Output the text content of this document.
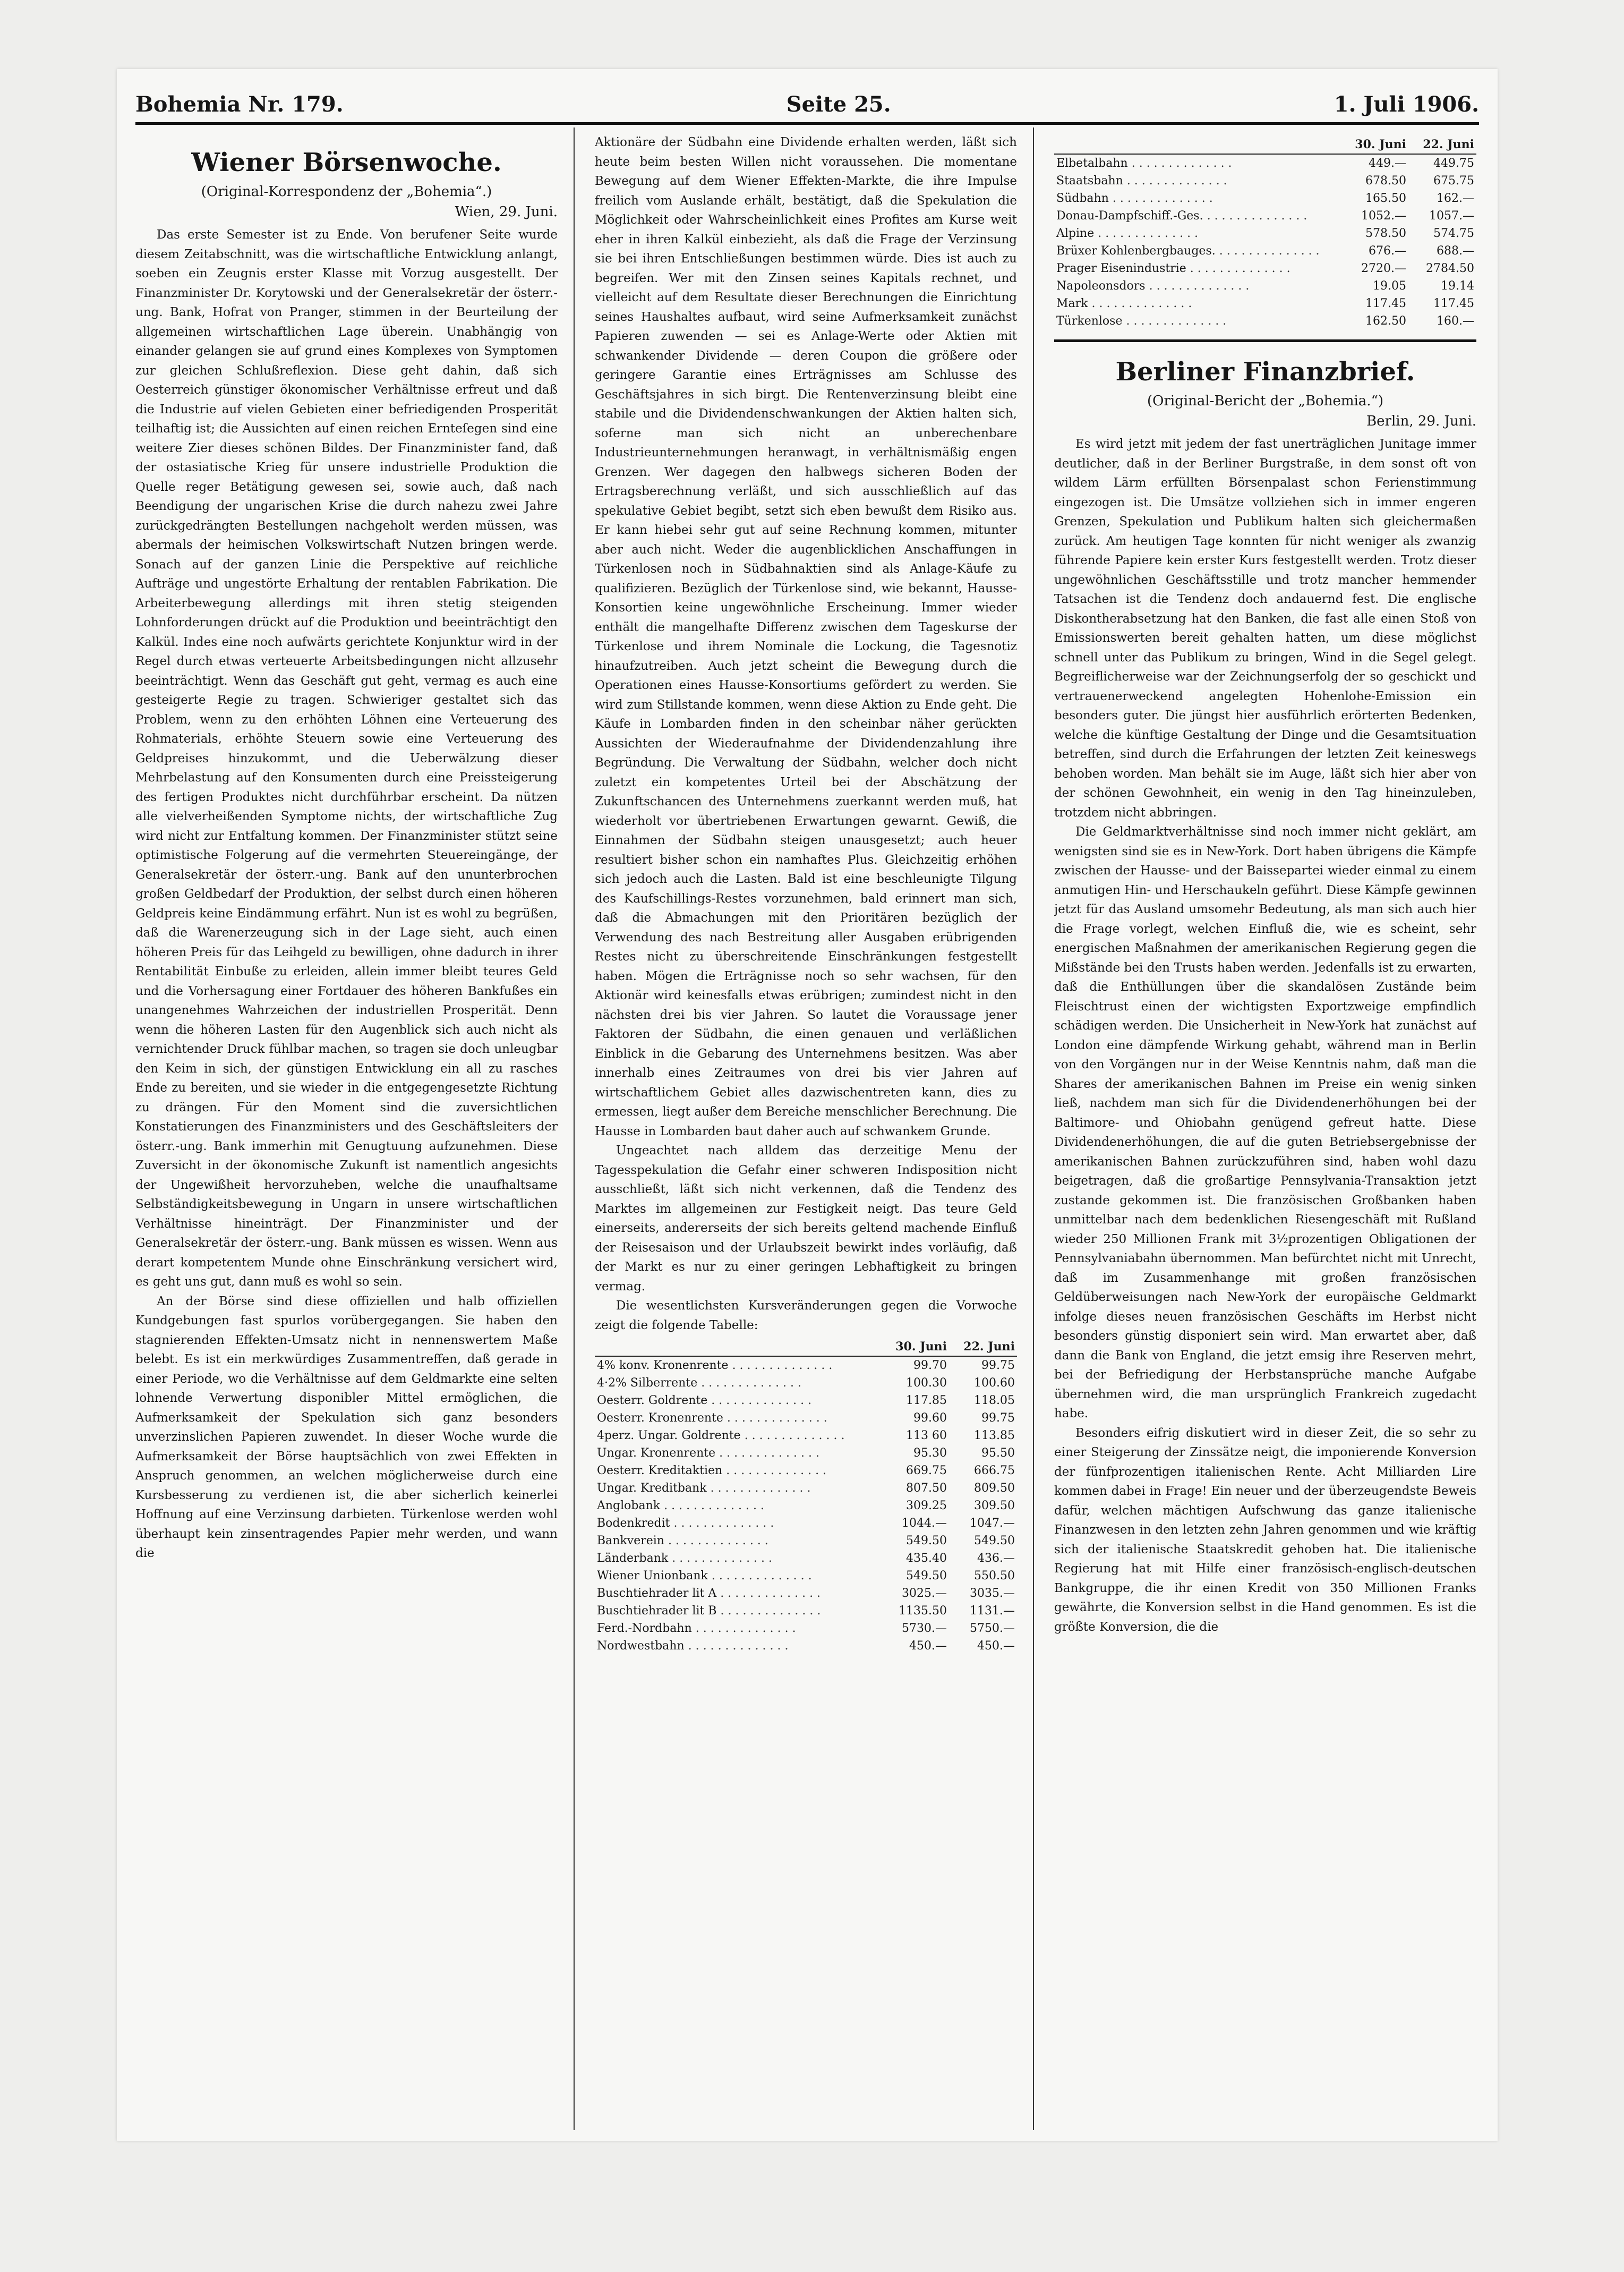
Bohemia Nr. 179.	Seite 25.	1. Juli 1906.
Wiener Börsenwoche.
(Original-Korrespondenz der „Bohemia“.)
Wien, 29. Juni.

Das erste Semester ist zu Ende. Von berufener Seite wurde diesem Zeitabschnitt, was die wirtschaftliche Entwicklung anlangt, soeben ein Zeugnis erster Klasse mit Vorzug ausgestellt. Der Finanzminister Dr. Korytowski und der Generalsekretär der österr.-ung. Bank, Hofrat von Pranger, stimmen in der Beurteilung der allgemeinen wirtschaftlichen Lage überein. Unabhängig von einander gelangen sie auf grund eines Komplexes von Symptomen zur gleichen Schlußreflexion. Diese geht dahin, daß sich Oesterreich günstiger ökonomischer Verhältnisse erfreut und daß die Industrie auf vielen Gebieten einer befriedigenden Prosperität teilhaftig ist; die Aussichten auf einen reichen Ernteſegen sind eine weitere Zier dieses schönen Bildes. Der Finanzminister fand, daß der ostasiatische Krieg für unsere industrielle Produktion die Quelle reger Betätigung gewesen sei, sowie auch, daß nach Beendigung der ungarischen Krise die durch nahezu zwei Jahre zurückgedrängten Bestellungen nachgeholt werden müssen, was abermals der heimischen Volkswirtschaft Nutzen bringen werde. Sonach auf der ganzen Linie die Perspektive auf reichliche Aufträge und ungestörte Erhaltung der rentablen Fabrikation. Die Arbeiterbewegung allerdings mit ihren stetig steigenden Lohnforderungen drückt auf die Produktion und beeinträchtigt den Kalkül. Indes eine noch aufwärts gerichtete Konjunktur wird in der Regel durch etwas verteuerte Arbeitsbedingungen nicht allzusehr beeinträchtigt. Wenn das Geschäft gut geht, vermag es auch eine gesteigerte Regie zu tragen. Schwieriger gestaltet sich das Problem, wenn zu den erhöhten Löhnen eine Verteuerung des Rohmaterials, erhöhte Steuern sowie eine Verteuerung des Geldpreises hinzukommt, und die Ueberwälzung dieser Mehrbelastung auf den Konsumenten durch eine Preissteigerung des fertigen Produktes nicht durchführbar erscheint. Da nützen alle vielverheißenden Symptome nichts, der wirtschaftliche Zug wird nicht zur Entfaltung kommen. Der Finanzminister stützt seine optimistische Folgerung auf die vermehrten Steuereingänge, der Generalsekretär der österr.-ung. Bank auf den ununterbrochen großen Geldbedarf der Produktion, der selbst durch einen höheren Geldpreis keine Eindämmung erfährt. Nun ist es wohl zu begrüßen, daß die Warenerzeugung sich in der Lage sieht, auch einen höheren Preis für das Leihgeld zu bewilligen, ohne dadurch in ihrer Rentabilität Einbuße zu erleiden, allein immer bleibt teures Geld und die Vorhersagung einer Fortdauer des höheren Bankfußes ein unangenehmes Wahrzeichen der industriellen Prosperität. Denn wenn die höheren Lasten für den Augenblick sich auch nicht als vernichtender Druck fühlbar machen, so tragen sie doch unleugbar den Keim in sich, der günstigen Entwicklung ein all zu rasches Ende zu bereiten, und sie wieder in die entgegengesetzte Richtung zu drängen. Für den Moment sind die zuversichtlichen Konstatierungen des Finanzministers und des Geschäftsleiters der österr.-ung. Bank immerhin mit Genugtuung aufzunehmen. Diese Zuversicht in der ökonomische Zukunft ist namentlich angesichts der Ungewißheit hervorzuheben, welche die unaufhaltsame Selbständigkeitsbewegung in Ungarn in unsere wirtschaftlichen Verhältnisse hineinträgt. Der Finanzminister und der Generalsekretär der österr.-ung. Bank müssen es wissen. Wenn aus derart kompetentem Munde ohne Einschränkung versichert wird, es geht uns gut, dann muß es wohl so sein.

An der Börse sind diese offiziellen und halb offiziellen Kundgebungen fast spurlos vorübergegangen. Sie haben den stagnierenden Effekten-Umsatz nicht in nennenswertem Maße belebt. Es ist ein merkwürdiges Zusammentreffen, daß gerade in einer Periode, wo die Verhältnisse auf dem Geldmarkte eine selten lohnende Verwertung disponibler Mittel ermöglichen, die Aufmerksamkeit der Spekulation sich ganz besonders unverzinslichen Papieren zuwendet. In dieser Woche wurde die Aufmerksamkeit der Börse hauptsächlich von zwei Effekten in Anspruch genommen, an welchen möglicherweise durch eine Kursbesserung zu verdienen ist, die aber sicherlich keinerlei Hoffnung auf eine Verzinsung darbieten. Türkenlose werden wohl überhaupt kein zinsentragendes Papier mehr werden, und wann die

Aktionäre der Südbahn eine Dividende erhalten werden, läßt sich heute beim besten Willen nicht voraussehen. Die momentane Bewegung auf dem Wiener Effekten-Markte, die ihre Impulse freilich vom Auslande erhält, bestätigt, daß die Spekulation die Möglichkeit oder Wahrscheinlichkeit eines Profites am Kurse weit eher in ihren Kalkül einbezieht, als daß die Frage der Verzinsung sie bei ihren Entschließungen bestimmen würde. Dies ist auch zu begreifen. Wer mit den Zinsen seines Kapitals rechnet, und vielleicht auf dem Resultate dieser Berechnungen die Einrichtung seines Haushaltes aufbaut, wird seine Aufmerksamkeit zunächst Papieren zuwenden — sei es Anlage-Werte oder Aktien mit schwankender Dividende — deren Coupon die größere oder geringere Garantie eines Erträgnisses am Schlusse des Geschäftsjahres in sich birgt. Die Rentenverzinsung bleibt eine stabile und die Dividendenschwankungen der Aktien halten sich, soferne man sich nicht an unberechenbare Industrieunternehmungen heranwagt, in verhältnismäßig engen Grenzen. Wer dagegen den halbwegs sicheren Boden der Ertragsberechnung verläßt, und sich ausschließlich auf das spekulative Gebiet begibt, setzt sich eben bewußt dem Risiko aus. Er kann hiebei sehr gut auf seine Rechnung kommen, mitunter aber auch nicht. Weder die augenblicklichen Anschaffungen in Türkenlosen noch in Südbahnaktien sind als Anlage-Käufe zu qualifizieren. Bezüglich der Türkenlose sind, wie bekannt, Hausse-Konsortien keine ungewöhnliche Erscheinung. Immer wieder enthält die mangelhafte Differenz zwischen dem Tageskurse der Türkenlose und ihrem Nominale die Lockung, die Tagesnotiz hinaufzutreiben. Auch jetzt scheint die Bewegung durch die Operationen eines Hausse-Konsortiums gefördert zu werden. Sie wird zum Stillstande kommen, wenn diese Aktion zu Ende geht. Die Käufe in Lombarden finden in den scheinbar näher gerückten Aussichten der Wiederaufnahme der Dividendenzahlung ihre Begründung. Die Verwaltung der Südbahn, welcher doch nicht zuletzt ein kompetentes Urteil bei der Abschätzung der Zukunftschancen des Unternehmens zuerkannt werden muß, hat wiederholt vor übertriebenen Erwartungen gewarnt. Gewiß, die Einnahmen der Südbahn steigen unausgesetzt; auch heuer resultiert bisher schon ein namhaftes Plus. Gleichzeitig erhöhen sich jedoch auch die Lasten. Bald ist eine beschleunigte Tilgung des Kaufschillings-Restes vorzunehmen, bald erinnert man sich, daß die Abmachungen mit den Prioritären bezüglich der Verwendung des nach Bestreitung aller Ausgaben erübrigenden Restes nicht zu überschreitende Einschränkungen festgestellt haben. Mögen die Erträgnisse noch so sehr wachsen, für den Aktionär wird keinesfalls etwas erübrigen; zumindest nicht in den nächsten drei bis vier Jahren. So lautet die Voraussage jener Faktoren der Südbahn, die einen genauen und verläßlichen Einblick in die Gebarung des Unternehmens besitzen. Was aber innerhalb eines Zeitraumes von drei bis vier Jahren auf wirtschaftlichem Gebiet alles dazwischentreten kann, dies zu ermessen, liegt außer dem Bereiche menschlicher Berechnung. Die Hausse in Lombarden baut daher auch auf schwankem Grunde.

Ungeachtet nach alldem das derzeitige Menu der Tagesspekulation die Gefahr einer schweren Indisposition nicht ausschließt, läßt sich nicht verkennen, daß die Tendenz des Marktes im allgemeinen zur Festigkeit neigt. Das teure Geld einerseits, andererseits der sich bereits geltend machende Einfluß der Reisesaison und der Urlaubszeit bewirkt indes vorläufig, daß der Markt es nur zu einer geringen Lebhaftigkeit zu bringen vermag.

Die wesentlichsten Kursveränderungen gegen die Vorwoche zeigt die folgende Tabelle:

	30. Juni	22. Juni
4% konv. Kronenrente . . .	99.70	99.75
4·2% Silberrente . . .	100.30	100.60
Oesterr. Goldrente . . .	117.85	118.05
Oesterr. Kronenrente . . .	99.60	99.75
4perz. Ungar. Goldrente . . .	113 60	113.85
Ungar. Kronenrente . . .	95.30	95.50
Oesterr. Kreditaktien . . .	669.75	666.75
Ungar. Kreditbank . . .	807.50	809.50
Anglobank . . .	309.25	309.50
Bodenkredit . . .	1044.—	1047.—
Bankverein . . .	549.50	549.50
Länderbank . . .	435.40	436.—
Wiener Unionbank . . .	549.50	550.50
Buschtiehrader lit A . . .	3025.—	3035.—
Buschtiehrader lit B . . .	1135.50	1131.—
Ferd.-Nordbahn . . .	5730.—	5750.—
Nordwestbahn . . .	450.—	450.—
	30. Juni	22. Juni
Elbetalbahn . . .	449.—	449.75
Staatsbahn . . .	678.50	675.75
Südbahn . . .	165.50	162.—
Donau-Dampfschiff.-Ges. . . .	1052.—	1057.—
Alpine . . .	578.50	574.75
Brüxer Kohlenbergbauges. . . .	676.—	688.—
Prager Eisenindustrie . . .	2720.—	2784.50
Napoleonsdors . . .	19.05	19.14
Mark . . .	117.45	117.45
Türkenlose . . .	162.50	160.—
Berliner Finanzbrief.
(Original-Bericht der „Bohemia.“)
Berlin, 29. Juni.

Es wird jetzt mit jedem der fast unerträglichen Junitage immer deutlicher, daß in der Berliner Burgstraße, in dem sonst oft von wildem Lärm erfüllten Börsenpalast schon Ferienstimmung eingezogen ist. Die Umsätze vollziehen sich in immer engeren Grenzen, Spekulation und Publikum halten sich gleichermaßen zurück. Am heutigen Tage konnten für nicht weniger als zwanzig führende Papiere kein erster Kurs festgestellt werden. Trotz dieser ungewöhnlichen Geschäftsstille und trotz mancher hemmender Tatsachen ist die Tendenz doch andauernd fest. Die englische Diskontherabsetzung hat den Banken, die fast alle einen Stoß von Emissionswerten bereit gehalten hatten, um diese möglichst schnell unter das Publikum zu bringen, Wind in die Segel gelegt. Begreiflicherweise war der Zeichnungserfolg der so geschickt und vertrauenerweckend angelegten Hohenlohe-Emission ein besonders guter. Die jüngst hier ausführlich erörterten Bedenken, welche die künftige Gestaltung der Dinge und die Gesamtsituation betreffen, sind durch die Erfahrungen der letzten Zeit keineswegs behoben worden. Man behält sie im Auge, läßt sich hier aber von der schönen Gewohnheit, ein wenig in den Tag hineinzuleben, trotzdem nicht abbringen.

Die Geldmarktverhältnisse sind noch immer nicht geklärt, am wenigsten sind sie es in New-York. Dort haben übrigens die Kämpfe zwischen der Hausse- und der Baissepartei wieder einmal zu einem anmutigen Hin- und Herschaukeln geführt. Diese Kämpfe gewinnen jetzt für das Ausland umsomehr Bedeutung, als man sich auch hier die Frage vorlegt, welchen Einfluß die, wie es scheint, sehr energischen Maßnahmen der amerikanischen Regierung gegen die Mißstände bei den Trusts haben werden. Jedenfalls ist zu erwarten, daß die Enthüllungen über die skandalösen Zustände beim Fleischtrust einen der wichtigsten Exportzweige empfindlich schädigen werden. Die Unsicherheit in New-York hat zunächst auf London eine dämpfende Wirkung gehabt, während man in Berlin von den Vorgängen nur in der Weise Kenntnis nahm, daß man die Shares der amerikanischen Bahnen im Preise ein wenig sinken ließ, nachdem man sich für die Dividendenerhöhungen bei der Baltimore- und Ohiobahn genügend gefreut hatte. Diese Dividendenerhöhungen, die auf die guten Betriebsergebnisse der amerikanischen Bahnen zurückzuführen sind, haben wohl dazu beigetragen, daß die großartige Pennsylvania-Transaktion jetzt zustande gekommen ist. Die französischen Großbanken haben unmittelbar nach dem bedenklichen Riesengeschäft mit Rußland wieder 250 Millionen Frank mit 3½prozentigen Obligationen der Pennsylvaniabahn übernommen. Man befürchtet nicht mit Unrecht, daß im Zusammenhange mit großen französischen Geldüberweisungen nach New-York der europäische Geldmarkt infolge dieses neuen französischen Geschäfts im Herbst nicht besonders günstig disponiert sein wird. Man erwartet aber, daß dann die Bank von England, die jetzt emsig ihre Reserven mehrt, bei der Befriedigung der Herbstansprüche manche Aufgabe übernehmen wird, die man ursprünglich Frankreich zugedacht habe.

Besonders eifrig diskutiert wird in dieser Zeit, die so sehr zu einer Steigerung der Zinssätze neigt, die imponierende Konversion der fünfprozentigen italienischen Rente. Acht Milliarden Lire kommen dabei in Frage! Ein neuer und der überzeugendste Beweis dafür, welchen mächtigen Aufschwung das ganze italienische Finanzwesen in den letzten zehn Jahren genommen und wie kräftig sich der italienische Staatskredit gehoben hat. Die italienische Regierung hat mit Hilfe einer französisch-englisch-deutschen Bankgruppe, die ihr einen Kredit von 350 Millionen Franks gewährte, die Konversion selbst in die Hand genommen. Es ist die größte Konversion, die die
